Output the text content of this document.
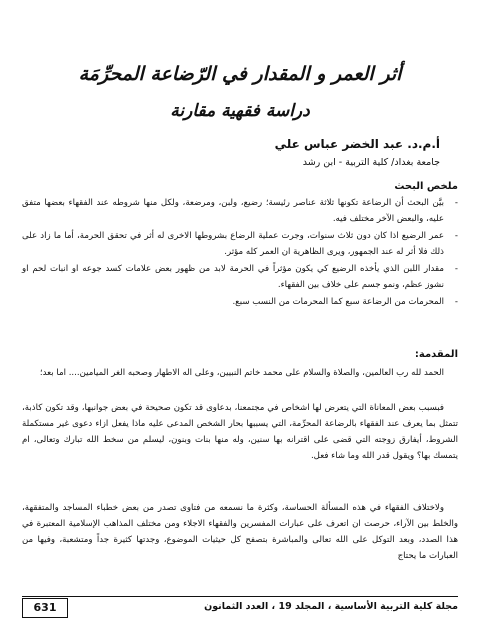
أثر العمر و المقدار في الرّضاعة المحرِّمَة
دراسة فقهية مقارنة
أ.م.د. عبد الخضر عباس علي
جامعة بغداد/ كلية التربية - ابن رشد
ملخص البحث
-
بيَّن البحث أن الرضاعة تكونها ثلاثة عناصر رئيسة؛ رضيع، ولبن، ومرضعة، ولكل منها شروطه عند الفقهاء بعضها متفق عليه، والبعض الآخر مختلف فيه.
-
عمر الرضيع اذا كان دون ثلاث سنوات، وجرت عملية الرضاع بشروطها الاخرى له أثر في تحقق الحرمة، أما ما زاد على ذلك فلا أثر له عند الجمهور، ويرى الظاهرية ان العمر كله مؤثر.
-
مقدار اللبن الذي يأخذه الرضيع كي يكون مؤثراً في الحرمة لابد من ظهور بعض علامات كسد جوعه او انبات لحم او نشوز عظم، ونمو جسم على خلاف بين الفقهاء.
-
المحرمات من الرضاعة سبع كما المحرمات من النسب سبع.
المقدمة:

الحمد لله رب العالمين، والصلاة والسلام على محمد خاتم النبيين، وعلى اله الاطهار وصحبه الغر الميامين.... اما بعد؛

فبسبب بعض المعاناة التي يتعرض لها اشخاص في مجتمعنا، بدعاوى قد تكون صحيحة في بعض جوانبها، وقد تكون كاذبة، تتمثل بما يعرف عند الفقهاء بالرضاعة المحرِّمة، التي يسببها بحار الشخص المدعى عليه ماذا يفعل ازاء دعوى غير مستكملة الشروط، أيفارق زوجته التي قضى على اقترانه بها سنين، وله منها بنات وبنون، ليسلم من سخط الله تبارك وتعالى، ام يتمسك بها؟ ويقول قدر الله وما شاء فعل.

ولاختلاف الفقهاء في هذه المسألة الحساسة، وكثرة ما نسمعه من فتاوى تصدر من بعض خطباء المساجد والمتفقهة، والخلط بين الآراء، حرصت ان اتعرف على عبارات المفسرين والفقهاء الاجلاء ومن مختلف المذاهب الإسلامية المعتبرة في هذا الصدد، وبعد التوكل على الله تعالى والمباشرة بتصفح كل حيثيات الموضوع، وجدتها كثيرة جداً ومتشعبة، وفيها من العبارات ما يحتاج

مجلة كلية التربية الأساسية ، المجلد 19 ، العدد الثمانون
631
